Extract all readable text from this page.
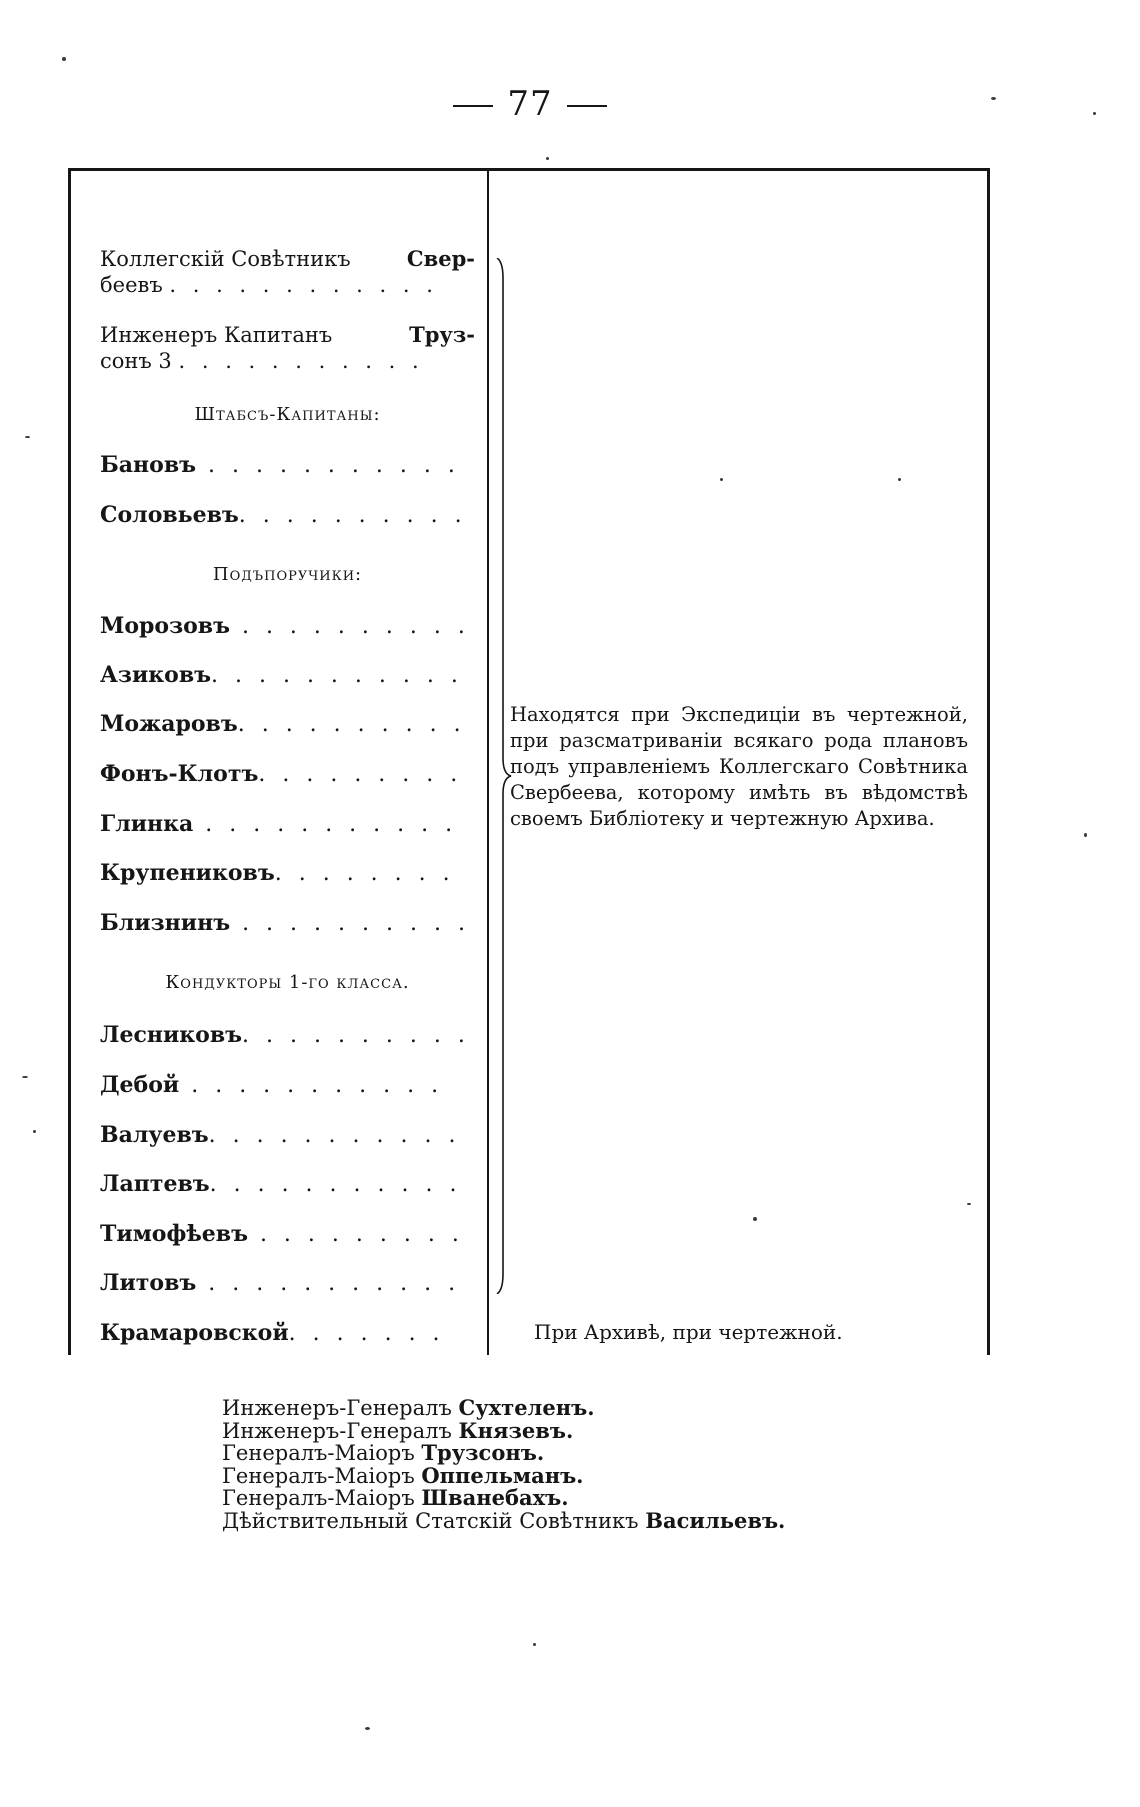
77
Коллегскій Совѣтникъ	Свер-
беевъ . . . . . . . . . . . .
Инженеръ Капитанъ	Труз-
сонъ 3 . . . . . . . . . . .
Штабсъ-Капитаны:
Бановъ . . . . . . . . . . .
Соловьевъ. . . . . . . . . .
Подъпоручики:
Морозовъ . . . . . . . . . .
Азиковъ. . . . . . . . . . .
Можаровъ. . . . . . . . . .
Фонъ-Клотъ. . . . . . . . .
Глинка . . . . . . . . . . .
Крупениковъ. . . . . . . .
Близнинъ . . . . . . . . . .
Кондукторы 1-го класса.
Лесниковъ. . . . . . . . . .
Дебой . . . . . . . . . . .
Валуевъ. . . . . . . . . . .
Лаптевъ. . . . . . . . . . .
Тимофѣевъ . . . . . . . . .
Литовъ . . . . . . . . . . .
Крамаровской. . . . . . .
Находятся при Экспедиціи въ чертежной, при разсматриваніи всякаго рода плановъ подъ управленіемъ Коллегскаго Совѣтника Свербеева, которому имѣть въ вѣдомствѣ своемъ Библіотеку и чертежную Архива.
При Архивѣ, при чертежной.
Инженеръ-Генералъ Сухтеленъ.
Инженеръ-Генералъ Князевъ.
Генералъ-Маіоръ Трузсонъ.
Генералъ-Маіоръ Оппельманъ.
Генералъ-Маіоръ Шванебахъ.
Дѣйствительный Статскій Совѣтникъ Васильевъ.
